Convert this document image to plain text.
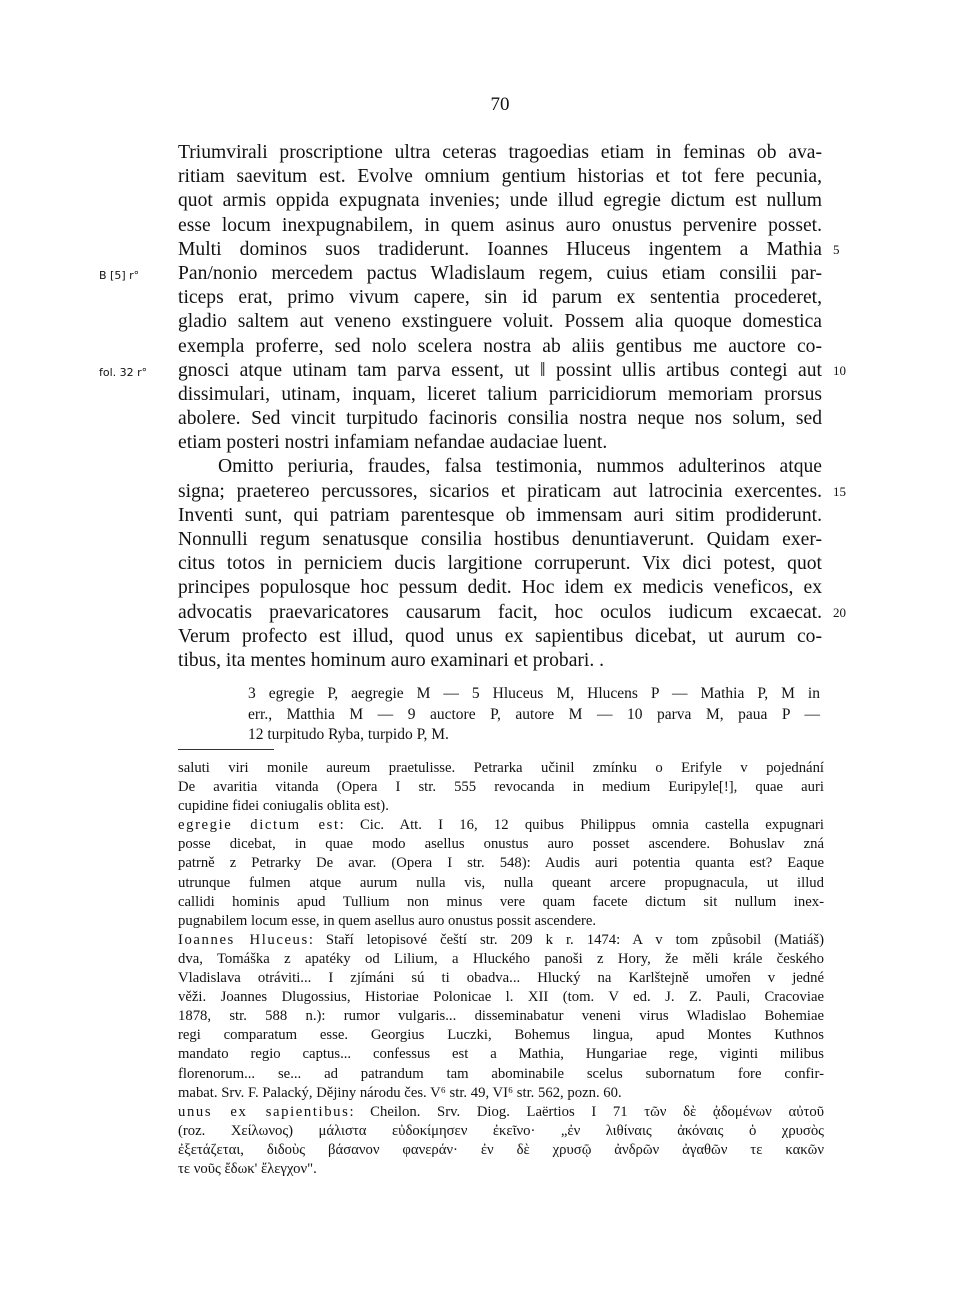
70
Triumvirali proscriptione ultra ceteras tragoedias etiam in feminas ob ava-
ritiam saevitum est. Evolve omnium gentium historias et tot fere pecunia,
quot armis oppida expugnata invenies; unde illud egregie dictum est nullum
esse locum inexpugnabilem, in quem asinus auro onustus pervenire posset.
Multi dominos suos tradiderunt. Ioannes Hluceus ingentem a Mathia 5
Pan/nonio mercedem pactus Wladislaum regem, cuius etiam consilii par-
B [5] r°
ticeps erat, primo vivum capere, sin id parum ex sententia procederet,
gladio saltem aut veneno exstinguere voluit. Possem alia quoque domestica
exempla proferre, sed nolo scelera nostra ab aliis gentibus me auctore co-
gnosci atque utinam tam parva essent, ut ‖ possint ullis artibus contegi aut 10
fol. 32 r°
dissimulari, utinam, inquam, liceret talium parricidiorum memoriam prorsus
abolere. Sed vincit turpitudo facinoris consilia nostra neque nos solum, sed
etiam posteri nostri infamiam nefandae audaciae luent.
Omitto periuria, fraudes, falsa testimonia, nummos adulterinos atque
signa; praetereo percussores, sicarios et piraticam aut latrocinia exercentes. 15
Inventi sunt, qui patriam parentesque ob immensam auri sitim prodiderunt.
Nonnulli regum senatusque consilia hostibus denuntiaverunt. Quidam exer-
citus totos in perniciem ducis largitione corruperunt. Vix dici potest, quot
principes populosque hoc pessum dedit. Hoc idem ex medicis veneficos, ex
advocatis praevaricatores causarum facit, hoc oculos iudicum excaecat. 20
Verum profecto est illud, quod unus ex sapientibus dicebat, ut aurum co-
tibus, ita mentes hominum auro examinari et probari. .
3 egregie P, aegregie M — 5 Hluceus M, Hlucens P — Mathia P, M in
err., Matthia M — 9 auctore P, autore M — 10 parva M, paua P —
12 turpitudo Ryba, turpido P, M.
saluti viri monile aureum praetulisse. Petrarka učinil zmínku o Erifyle v pojednání
De avaritia vitanda (Opera I str. 555 revocanda in medium Euripyle[!], quae auri
cupidine fidei coniugalis oblita est).
egregie dictum est: Cic. Att. I 16, 12 quibus Philippus omnia castella expugnari
posse dicebat, in quae modo asellus onustus auro posset ascendere. Bohuslav zná
patrně z Petrarky De avar. (Opera I str. 548): Audis auri potentia quanta est? Eaque
utrunque fulmen atque aurum nulla vis, nulla queant arcere propugnacula, ut illud
callidi hominis apud Tullium non minus vere quam facete dictum sit nullum inex-
pugnabilem locum esse, in quem asellus auro onustus possit ascendere.
Ioannes Hluceus: Staří letopisové čeští str. 209 k r. 1474: A v tom způsobil (Matiáš)
dva, Tomáška z apatéky od Lilium, a Hluckého panoši z Hory, že měli krále českého
Vladislava otráviti... I zjímáni sú ti obadva... Hlucký na Karlštejně umořen v jedné
věži. Joannes Dlugossius, Historiae Polonicae l. XII (tom. V ed. J. Z. Pauli, Cracoviae
1878, str. 588 n.): rumor vulgaris... disseminabatur veneni virus Wladislao Bohemiae
regi comparatum esse. Georgius Luczki, Bohemus lingua, apud Montes Kuthnos
mandato regio captus... confessus est a Mathia, Hungariae rege, viginti milibus
florenorum... se... ad patrandum tam abominabile scelus subornatum fore confir-
mabat. Srv. F. Palacký, Dějiny národu čes. V⁶ str. 49, VI⁶ str. 562, pozn. 60.
unus ex sapientibus: Cheilon. Srv. Diog. Laërtios I 71 τῶν δὲ ᾀδομένων αὐτοῦ
(roz. Χείλωνος) μάλιστα εὐδοκίμησεν ἐκεῖνο· „ἐν λιθίναις ἀκόναις ὁ χρυσὸς
ἐξετάζεται, διδοὺς βάσανον φανεράν· ἐν δὲ χρυσῷ ἀνδρῶν ἀγαθῶν τε κακῶν
τε νοῦς ἔδωκ' ἔλεγχον".
